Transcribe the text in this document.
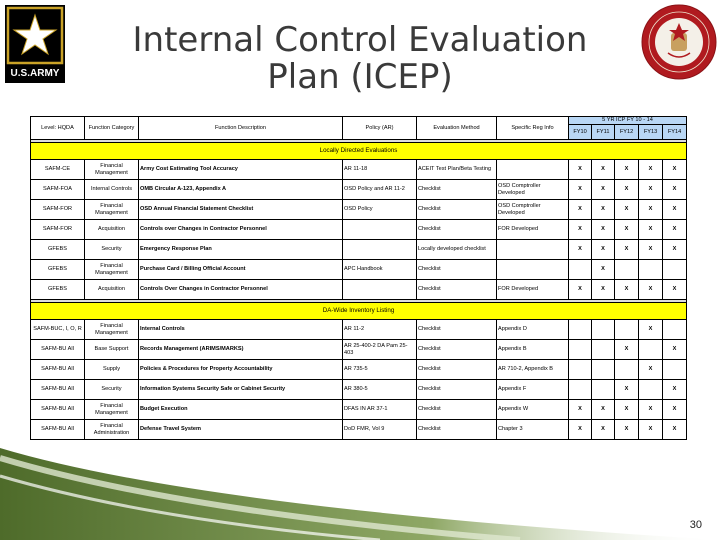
U.S.ARMY
Internal Control Evaluation
Plan (ICEP)
Level: HQDA	Function Category	Function Description	Policy (AR)	Evaluation Method	Specific Reg Info	5 YR ICP FY 10 - 14				
						FY10	FY11	FY12	FY13	FY14

Locally Directed Evaluations										
SAFM-CE	Financial Management	Army Cost Estimating Tool Accuracy	AR 11-18	ACEIT Test Plan/Beta Testing		X	X	X	X	X
SAFM-FOA	Internal Controls	OMB Circular A-123, Appendix A	OSD Policy and AR 11-2	Checklist	OSD Comptroller Developed	X	X	X	X	X
SAFM-FOR	Financial Management	OSD Annual Financial Statement Checklist	OSD Policy	Checklist	OSD Comptroller Developed	X	X	X	X	X
SAFM-FOR	Acquisition	Controls over Changes in Contractor Personnel		Checklist	FOR Developed	X	X	X	X	X
GFEBS	Security	Emergency Response Plan		Locally developed checklist		X	X	X	X	X
GFEBS	Financial Management	Purchase Card / Billing Official Account	APC Handbook	Checklist			X			
GFEBS	Acquisition	Controls Over Changes in Contractor Personnel		Checklist	FOR Developed	X	X	X	X	X

DA-Wide Inventory Listing										
SAFM-BUC, I, O, R	Financial Management	Internal Controls	AR 11-2	Checklist	Appendix D				X	
SAFM-BU All	Base Support	Records Management (ARIMS/MARKS)	AR 25-400-2 DA Pam 25-403	Checklist	Appendix B			X		X
SAFM-BU All	Supply	Policies & Procedures for Property Accountability	AR 735-5	Checklist	AR 710-2, Appendix B				X	
SAFM-BU All	Security	Information Systems Security Safe or Cabinet Security	AR 380-5	Checklist	Appendix F			X		X
SAFM-BU All	Financial Management	Budget Execution	DFAS IN AR 37-1	Checklist	Appendix W	X	X	X	X	X
SAFM-BU All	Financial Administration	Defense Travel System	DoD FMR, Vol 9	Checklist	Chapter 3	X	X	X	X	X
30
